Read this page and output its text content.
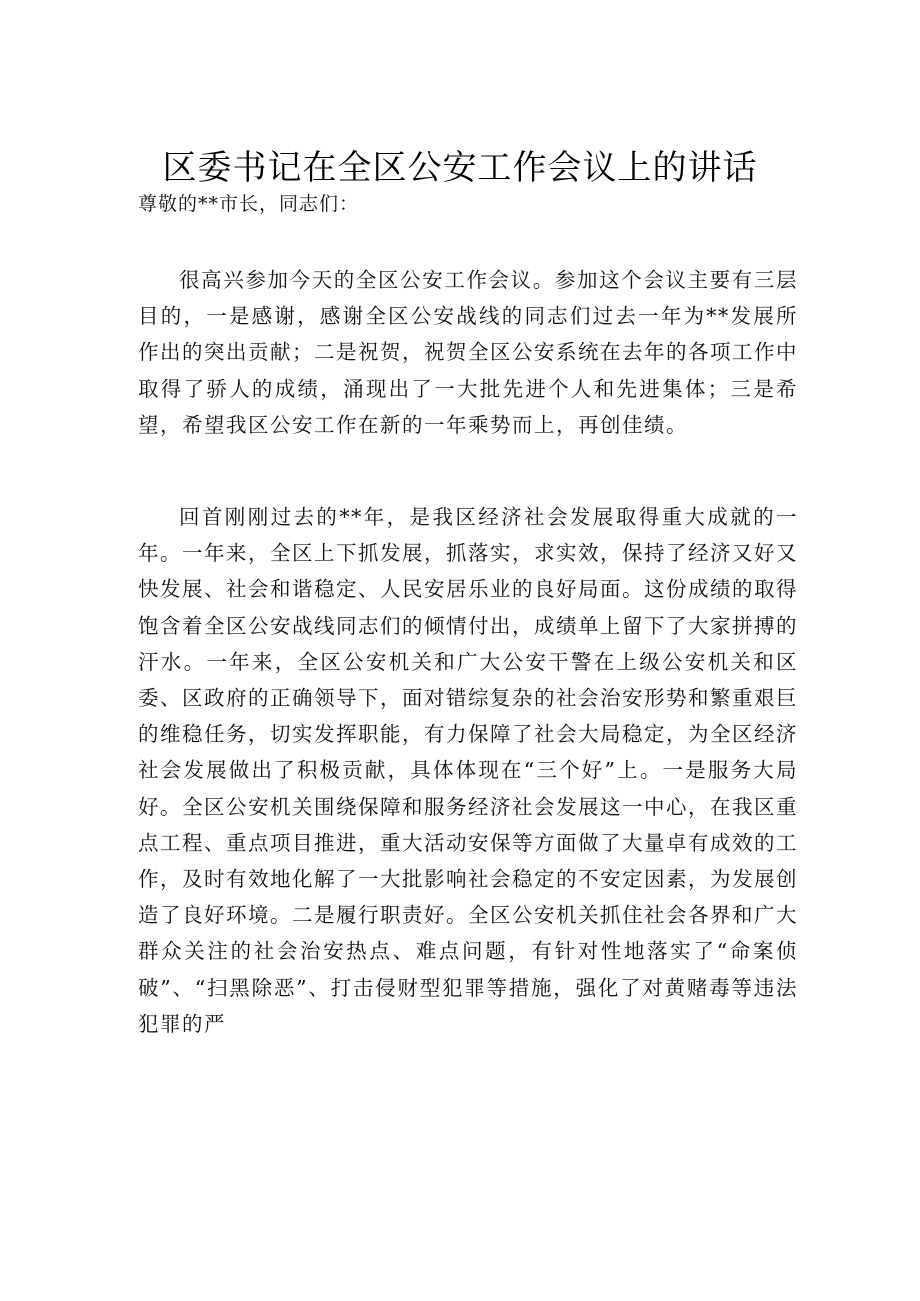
区委书记在全区公安工作会议上的讲话
尊敬的**市长，同志们：

很高兴参加今天的全区公安工作会议。参加这个会议主要有三层目的，一是感谢，感谢全区公安战线的同志们过去一年为**发展所作出的突出贡献；二是祝贺，祝贺全区公安系统在去年的各项工作中取得了骄人的成绩，涌现出了一大批先进个人和先进集体；三是希望，希望我区公安工作在新的一年乘势而上，再创佳绩。

回首刚刚过去的**年，是我区经济社会发展取得重大成就的一年。一年来，全区上下抓发展，抓落实，求实效，保持了经济又好又快发展、社会和谐稳定、人民安居乐业的良好局面。这份成绩的取得饱含着全区公安战线同志们的倾情付出，成绩单上留下了大家拼搏的汗水。一年来，全区公安机关和广大公安干警在上级公安机关和区委、区政府的正确领导下，面对错综复杂的社会治安形势和繁重艰巨的维稳任务，切实发挥职能，有力保障了社会大局稳定，为全区经济社会发展做出了积极贡献，具体体现在“三个好”上。一是服务大局好。全区公安机关围绕保障和服务经济社会发展这一中心，在我区重点工程、重点项目推进，重大活动安保等方面做了大量卓有成效的工作，及时有效地化解了一大批影响社会稳定的不安定因素，为发展创造了良好环境。二是履行职责好。全区公安机关抓住社会各界和广大群众关注的社会治安热点、难点问题，有针对性地落实了“命案侦破”、“扫黑除恶”、打击侵财型犯罪等措施，强化了对黄赌毒等违法犯罪的严
